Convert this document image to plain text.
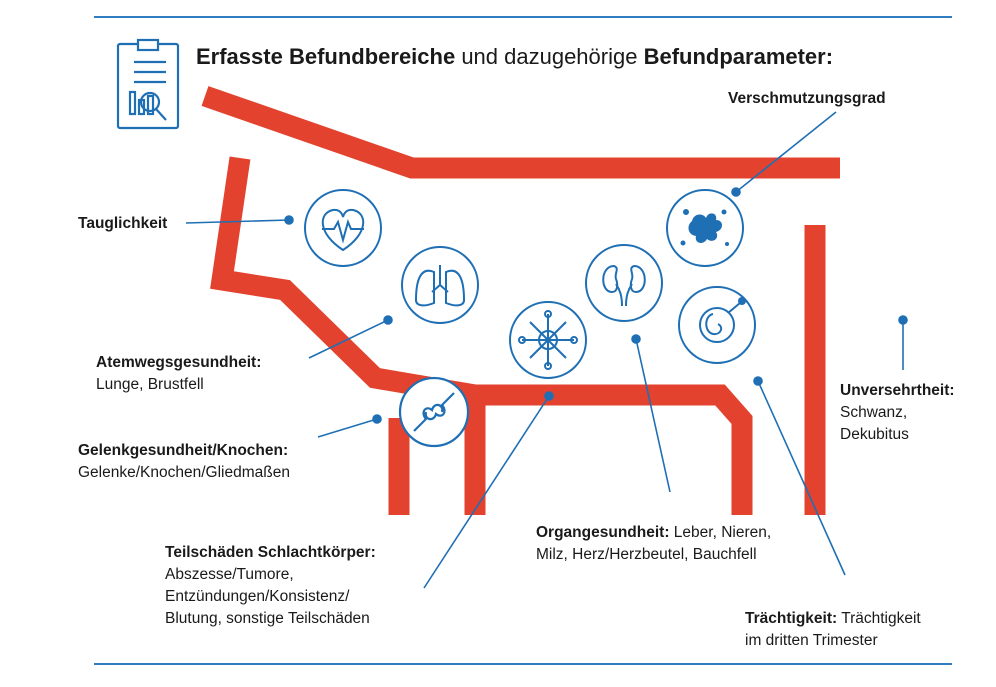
Erfasste Befundbereiche und dazugehörige Befundparameter:
Tauglichkeit
Verschmutzungsgrad
Atemwegsgesundheit:
Lunge, Brustfell
Gelenkgesundheit/Knochen:
Gelenke/Knochen/Gliedmaßen
Unversehrtheit:
Schwanz,
Dekubitus
Organgesundheit: Leber, Nieren,
Milz, Herz/Herzbeutel, Bauchfell
Teilschäden Schlachtkörper:
Abszesse/Tumore,
Entzündungen/Konsistenz/
Blutung, sonstige Teilschäden	Trächtigkeit: Trächtigkeit
im dritten Trimester
